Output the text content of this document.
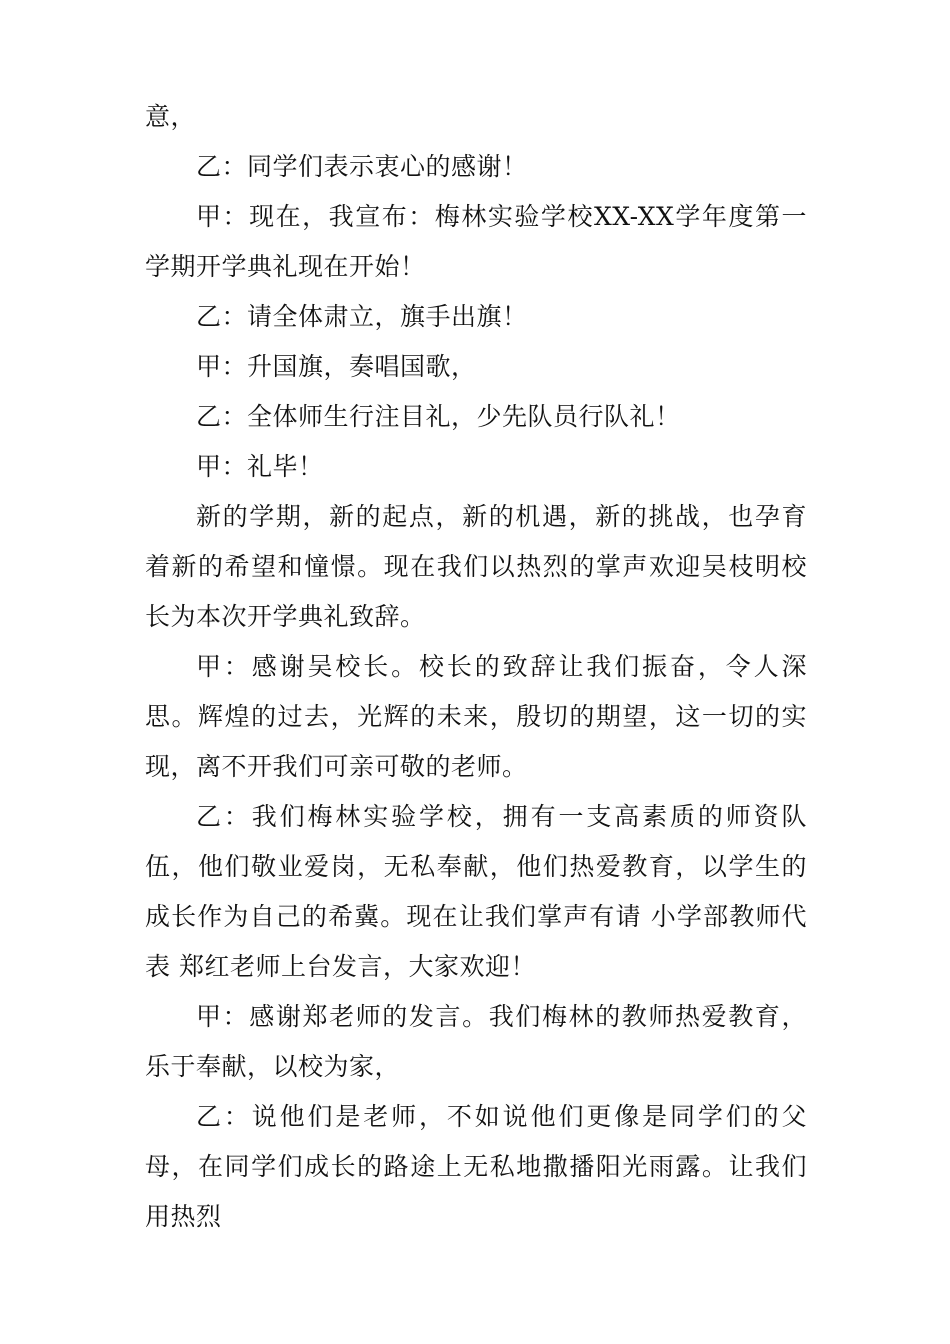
意，

乙：同学们表示衷心的感谢！

甲：现在，我宣布：梅林实验学校XX-XX学年度第一学期开学典礼现在开始！

乙：请全体肃立，旗手出旗！

甲：升国旗，奏唱国歌，

乙：全体师生行注目礼，少先队员行队礼！

甲：礼毕！

新的学期，新的起点，新的机遇，新的挑战，也孕育着新的希望和憧憬。现在我们以热烈的掌声欢迎吴枝明校长为本次开学典礼致辞。

甲：感谢吴校长。校长的致辞让我们振奋，令人深思。辉煌的过去，光辉的未来，殷切的期望，这一切的实现，离不开我们可亲可敬的老师。

乙：我们梅林实验学校，拥有一支高素质的师资队伍，他们敬业爱岗，无私奉献，他们热爱教育，以学生的成长作为自己的希冀。现在让我们掌声有请 小学部教师代表 郑红老师上台发言，大家欢迎！

甲：感谢郑老师的发言。我们梅林的教师热爱教育，乐于奉献，以校为家，

乙：说他们是老师，不如说他们更像是同学们的父母，在同学们成长的路途上无私地撒播阳光雨露。让我们用热烈
